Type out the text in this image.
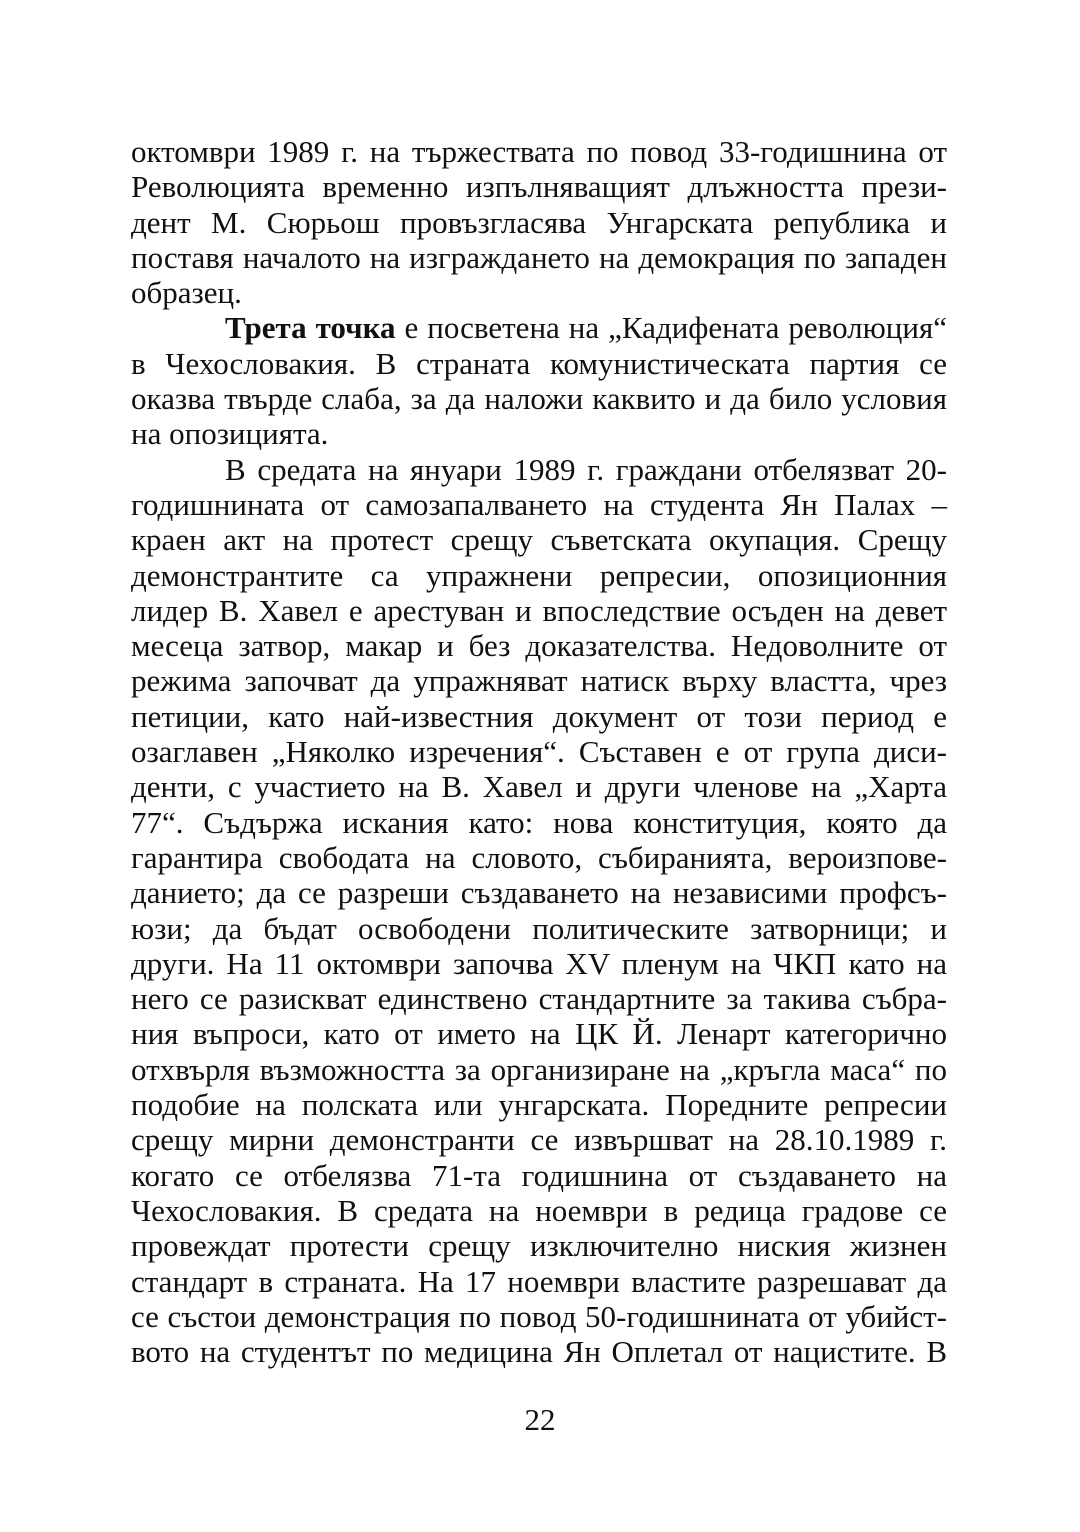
октомври 1989 г. на тържествата по повод 33-годишнина от
Революцията временно изпълняващият длъжността прези-
дент М. Сюрьош провъзгласява Унгарската република и
поставя началото на изграждането на демокрация по западен
образец.
Трета точка е посветена на „Кадифената революция“
в Чехословакия. В страната комунистическата партия се
оказва твърде слаба, за да наложи каквито и да било условия
на опозицията.
В средата на януари 1989 г. граждани отбелязват 20-
годишнината от самозапалването на студента Ян Палах –
краен акт на протест срещу съветската окупация. Срещу
демонстрантите са упражнени репресии, опозиционния
лидер В. Хавел е арестуван и впоследствие осъден на девет
месеца затвор, макар и без доказателства. Недоволните от
режима започват да упражняват натиск върху властта, чрез
петиции, като най-известния документ от този период е
озаглавен „Няколко изречения“. Съставен е от група диси-
денти, с участието на В. Хавел и други членове на „Харта
77“. Съдържа искания като: нова конституция, която да
гарантира свободата на словото, събиранията, вероизпове-
данието; да се разреши създаването на независими профсъ-
юзи; да бъдат освободени политическите затворници; и
други. На 11 октомври започва XV пленум на ЧКП като на
него се разискват единствено стандартните за такива събра-
ния въпроси, като от името на ЦК Й. Ленарт категорично
отхвърля възможността за организиране на „кръгла маса“ по
подобие на полската или унгарската. Поредните репресии
срещу мирни демонстранти се извършват на 28.10.1989 г.
когато се отбелязва 71-та годишнина от създаването на
Чехословакия. В средата на ноември в редица градове се
провеждат протести срещу изключително ниския жизнен
стандарт в страната. На 17 ноември властите разрешават да
се състои демонстрация по повод 50-годишнината от убийст-
вото на студентът по медицина Ян Оплетал от нацистите. В
22
